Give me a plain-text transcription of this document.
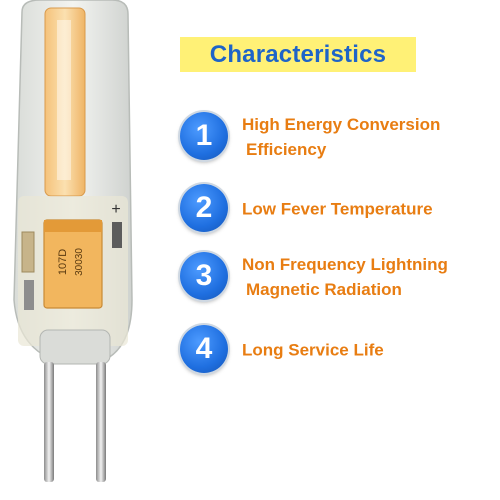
107D 30030
+
Characteristics
1 High Energy Conversion
Efficiency
2 Low Fever Temperature
3 Non Frequency Lightning
Magnetic Radiation
4 Long Service Life
